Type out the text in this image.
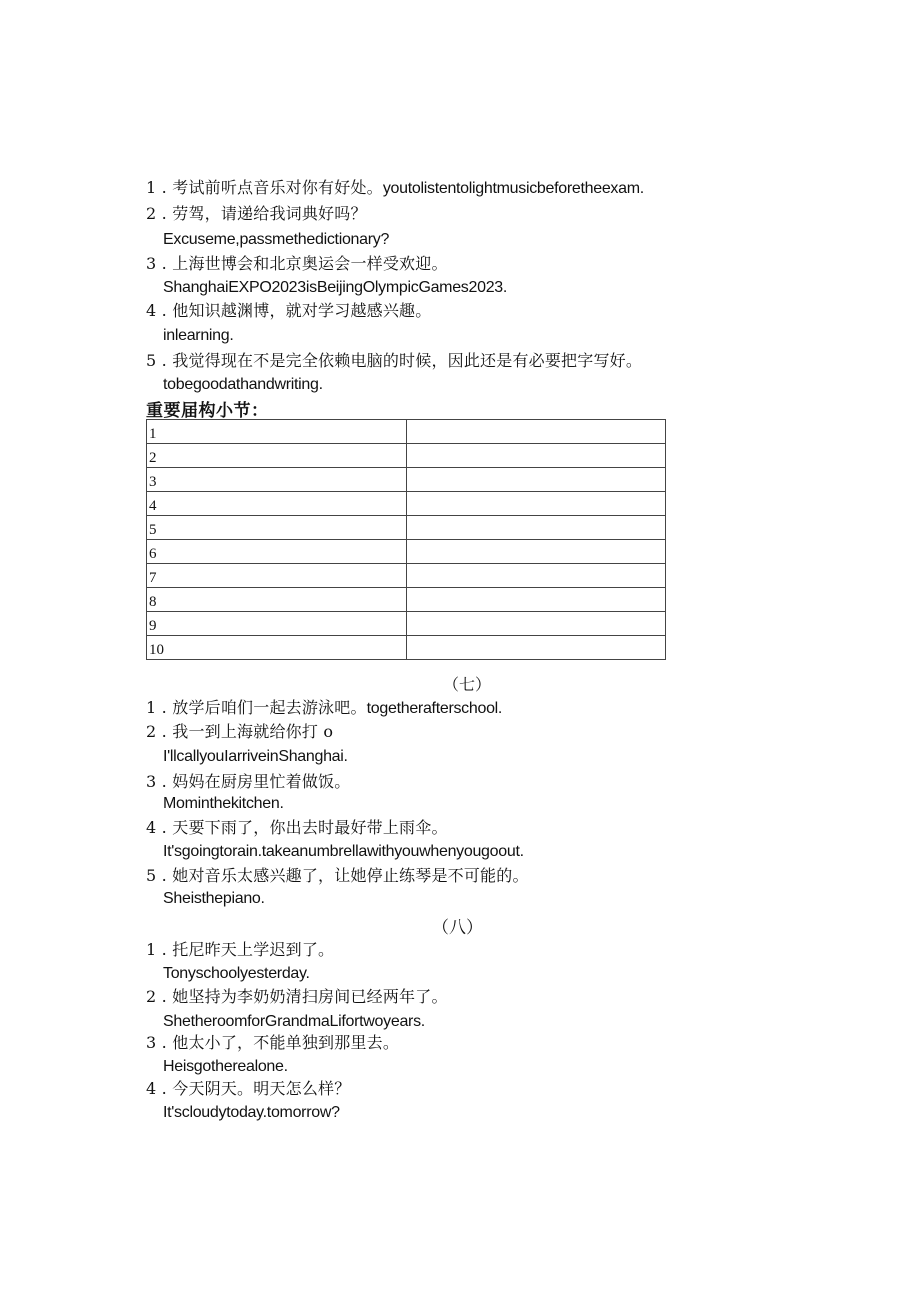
1 . 考试前听点音乐对你有好处。youtolistentolightmusicbeforetheexam.
2 . 劳驾，请递给我词典好吗？
Excuseme,passmethedictionary?
3 . 上海世博会和北京奥运会一样受欢迎。
ShanghaiEXPO2023isBeijingOlympicGames2023.
4 . 他知识越渊博，就对学习越感兴趣。
inlearning.
5 . 我觉得现在不是完全依赖电脑的时候，因此还是有必要把字写好。
tobegoodathandwriting.
重要届构小节：
1	
2	
3	
4	
5	
6	
7	
8	
9	
10	
（七）
1 . 放学后咱们一起去游泳吧。togetherafterschool.
2 . 我一到上海就给你打 o
I'llcallyouIarriveinShanghai.
3 . 妈妈在厨房里忙着做饭。
Mominthekitchen.
4 . 天要下雨了，你出去时最好带上雨伞。
It'sgoingtorain.takeanumbrellawithyouwhenyougoout.
5 . 她对音乐太感兴趣了，让她停止练琴是不可能的。
Sheisthepiano.
（八）
1 . 托尼昨天上学迟到了。
Tonyschoolyesterday.
2 . 她坚持为李奶奶清扫房间已经两年了。
ShetheroomforGrandmaLifortwoyears.
3 . 他太小了，不能单独到那里去。
Heisgotherealone.
4 . 今天阴天。明天怎么样？
It'scloudytoday.tomorrow?
